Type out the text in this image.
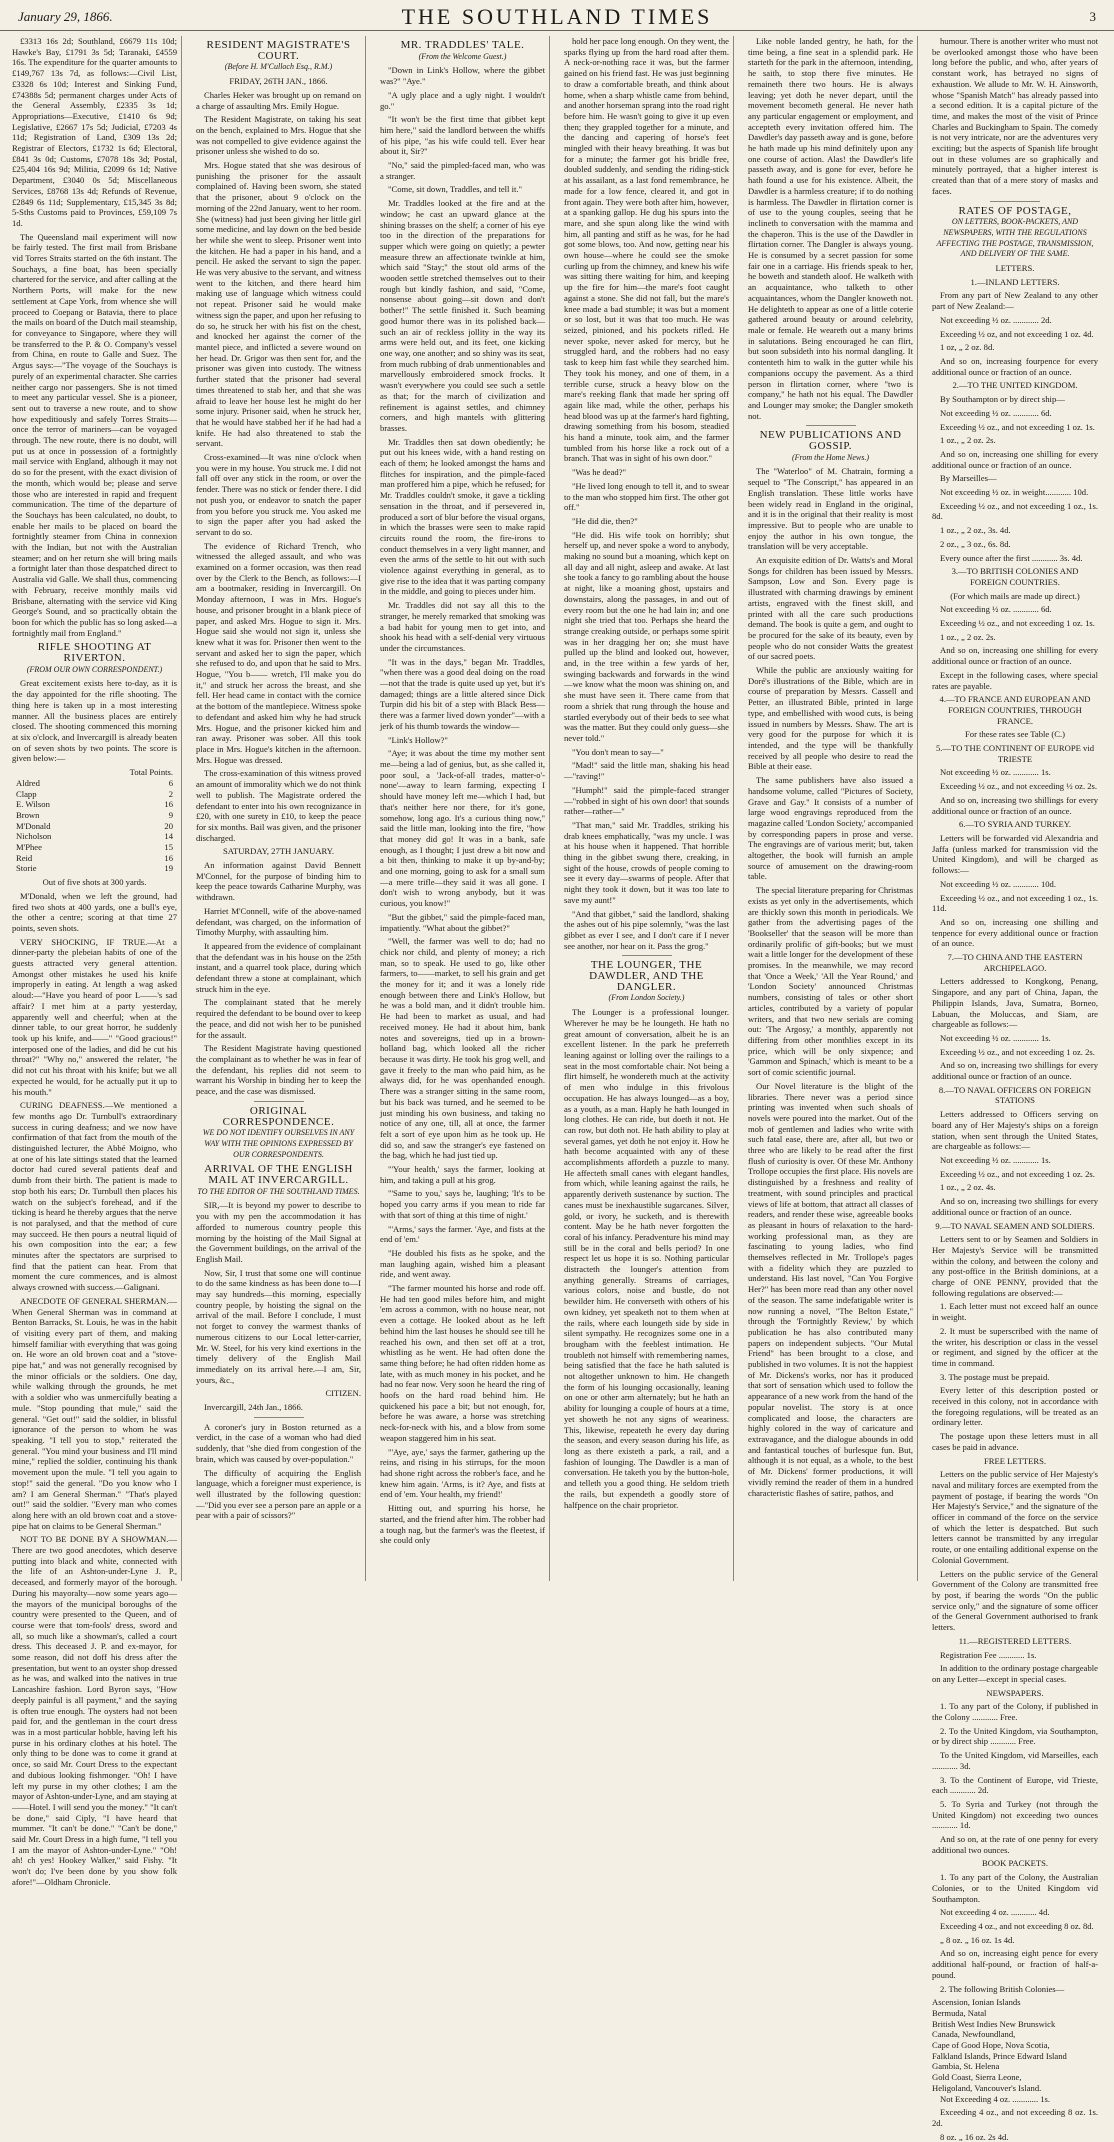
January 29, 1866.	THE SOUTHLAND TIMES	3

£3313 16s 2d; Southland, £6679 11s 10d; Hawke's Bay, £1791 3s 5d; Taranaki, £4559 16s. The expenditure for the quarter amounts to £149,767 13s 7d, as follows:—Civil List, £3328 6s 10d; Interest and Sinking Fund, £74388s 5d; permanent charges under Acts of the General Assembly, £2335 3s 1d; Appropriations—Executive, £1410 6s 9d; Legislative, £2667 17s 5d; Judicial, £7203 4s 11d; Registration of Land, £309 13s 2d; Registrar of Electors, £1732 1s 6d; Electoral, £841 3s 0d; Customs, £7078 18s 3d; Postal, £25,404 16s 9d; Militia, £2099 6s 1d; Native Department, £3040 0s 5d; Miscellaneous Services, £8768 13s 4d; Refunds of Revenue, £2849 6s 11d; Supplementary, £15,345 3s 8d; 5-Sths Customs paid to Provinces, £59,109 7s 1d.

The Queensland mail experiment will now be fairly tested. The first mail from Brisbane vid Torres Straits started on the 6th instant. The Souchays, a fine boat, has been specially chartered for the service, and after calling at the Northern Ports, will make for the new settlement at Cape York, from whence she will proceed to Coepang or Batavia, there to place the mails on board of the Dutch mail steamship, for conveyance to Singapore, where they will be transferred to the P. & O. Company's vessel from China, en route to Galle and Suez. The Argus says:—"The voyage of the Souchays is purely of an experimental character. She carries neither cargo nor passengers. She is not timed to meet any particular vessel. She is a pioneer, sent out to traverse a new route, and to show how expeditiously and safely Torres Straits—once the terror of mariners—can be voyaged through. The new route, there is no doubt, will put us at once in possession of a fortnightly mail service with England, although it may not do so for the present, with the exact division of the month, which would be; please and serve those who are interested in rapid and frequent communication. The time of the departure of the Souchays has been calculated, no doubt, to enable her mails to be placed on board the fortnightly steamer from China in connexion with the Indian, but not with the Australian steamer; and on her return she will bring mails a fortnight later than those despatched direct to Australia vid Galle. We shall thus, commencing with February, receive monthly mails vid Brisbane, alternating with the service vid King George's Sound, and so practically obtain the boon for which the public has so long asked—a fortnightly mail from England."

RIFLE SHOOTING AT RIVERTON.

(FROM OUR OWN CORRESPONDENT.)

Great excitement exists here to-day, as it is the day appointed for the rifle shooting. The thing here is taken up in a most interesting manner. All the business places are entirely closed. The shooting commenced this morning at six o'clock, and Invercargill is already beaten on of seven shots by two points. The score is given below:—

	Total Points.
Aldred	6
Clapp	2
E. Wilson	16
Brown	9
M'Donald	20
Nicholson	14
M'Phee	15
Reid	16
Storie	19

Out of five shots at 300 yards.

M'Donald, when we left the ground, had fired two shots at 400 yards, one a bull's eye, the other a centre; scoring at that time 27 points, seven shots.

VERY SHOCKING, IF TRUE.—At a dinner-party the plebeian habits of one of the guests attracted very general attention. Amongst other mistakes he used his knife improperly in eating. At length a wag asked aloud:—"Have you heard of poor L——'s sad affair? I met him at a party yesterday, apparently well and cheerful; when at the dinner table, to our great horror, he suddenly took up his knife, and——" "Good gracious!" interposed one of the ladies, and did he cut his throat?" "Why no," answered the relater, "he did not cut his throat with his knife; but we all expected he would, for he actually put it up to his mouth."

CURING DEAFNESS.—We mentioned a few months ago Dr. Turnbull's extraordinary success in curing deafness; and we now have confirmation of that fact from the mouth of the distinguished lecturer, the Abbé Moigno, who at one of his late sittings stated that the learned doctor had cured several patients deaf and dumb from their birth. The patient is made to stop both his ears; Dr. Turnbull then places his watch on the subject's forehead, and if the ticking is heard he thereby argues that the nerve is not paralysed, and that the method of cure may succeed. He then pours a neutral liquid of his own composition into the ear; a few minutes after the spectators are surprised to find that the patient can hear. From that moment the cure commences, and is almost always crowned with success.—Galignani.

ANECDOTE OF GENERAL SHERMAN.—When General Sherman was in command at Benton Barracks, St. Louis, he was in the habit of visiting every part of them, and making himself familiar with everything that was going on. He wore an old brown coat and a "stove-pipe hat," and was not generally recognised by the minor officials or the soldiers. One day, while walking through the grounds, he met with a soldier who was unmercifully beating a mule. "Stop pounding that mule," said the general. "Get out!" said the soldier, in blissful ignorance of the person to whom he was speaking. "I tell you to stop," reiterated the general. "You mind your business and I'll mind mine," replied the soldier, continuing his thank movement upon the mule. "I tell you again to stop!" said the general. "Do you know who I am? I am General Sherman." "That's played out!" said the soldier. "Every man who comes along here with an old brown coat and a stove-pipe hat on claims to be General Sherman."

NOT TO BE DONE BY A SHOWMAN.—There are two good anecdotes, which deserve putting into black and white, connected with the life of an Ashton-under-Lyne J. P., deceased, and formerly mayor of the borough. During his mayoralty—now some years ago—the mayors of the municipal boroughs of the country were presented to the Queen, and of course were that tom-fools' dress, sword and all, so much like a showman's, called a court dress. This deceased J. P. and ex-mayor, for some reason, did not doff his dress after the presentation, but went to an oyster shop dressed as he was, and walked into the natives in true Lancashire fashion. Lord Byron says, "How deeply painful is all payment," and the saying is often true enough. The oysters had not been paid for, and the gentleman in the court dress was in a most particular hobble, having left his purse in his ordinary clothes at his hotel. The only thing to be done was to come it grand at once, so said Mr. Court Dress to the expectant and dubious looking fishmonger. "Oh! I have left my purse in my other clothes; I am the mayor of Ashton-under-Lyne, and am staying at ——Hotel. I will send you the money." "It can't be done," said Ciply, "I have heard that mummer. "It can't be done." "Can't be done," said Mr. Court Dress in a high fume, "I tell you I am the mayor of Ashton-under-Lyne." "Oh! ah! ch yes! Hookey Walker," said Fishy. "It won't do; I've been done by you show folk afore!"—Oldham Chronicle.

RESIDENT MAGISTRATE'S COURT.

(Before H. M'Culloch Esq., R.M.)

FRIDAY, 26TH JAN., 1866.

Charles Heker was brought up on remand on a charge of assaulting Mrs. Emily Hogue.

The Resident Magistrate, on taking his seat on the bench, explained to Mrs. Hogue that she was not compelled to give evidence against the prisoner unless she wished to do so.

Mrs. Hogue stated that she was desirous of punishing the prisoner for the assault complained of. Having been sworn, she stated that the prisoner, about 9 o'clock on the morning of the 22nd January, went to her room. She (witness) had just been giving her little girl some medicine, and lay down on the bed beside her while she went to sleep. Prisoner went into the kitchen. He had a paper in his hand, and a pencil. He asked the servant to sign the paper. He was very abusive to the servant, and witness went to the kitchen, and there heard him making use of language which witness could not repeat. Prisoner said he would make witness sign the paper, and upon her refusing to do so, he struck her with his fist on the chest, and knocked her against the corner of the mantel piece, and inflicted a severe wound on her head. Dr. Grigor was then sent for, and the prisoner was given into custody. The witness further stated that the prisoner had several times threatened to stab her, and that she was afraid to leave her house lest he might do her some injury. Prisoner said, when he struck her, that he would have stabbed her if he had had a knife. He had also threatened to stab the servant.

Cross-examined—It was nine o'clock when you were in my house. You struck me. I did not fall off over any stick in the room, or over the fender. There was no stick or fender there. I did not push you, or endeavor to snatch the paper from you before you struck me. You asked me to sign the paper after you had asked the servant to do so.

The evidence of Richard Trench, who witnessed the alleged assault, and who was examined on a former occasion, was then read over by the Clerk to the Bench, as follows:—I am a bootmaker, residing in Invercargill. On Monday afternoon, I was in Mrs. Hogue's house, and prisoner brought in a blank piece of paper, and asked Mrs. Hogue to sign it. Mrs. Hogue said she would not sign it, unless she knew what it was for. Prisoner then went to the servant and asked her to sign the paper, which she refused to do, and upon that he said to Mrs. Hogue, "You b—— wretch, I'll make you do it," and struck her across the breast, and she fell. Her head came in contact with the cornice at the bottom of the mantlepiece. Witness spoke to defendant and asked him why he had struck Mrs. Hogue, and the prisoner kicked him and ran away. Prisoner was sober. All this took place in Mrs. Hogue's kitchen in the afternoon. Mrs. Hogue was dressed.

The cross-examination of this witness proved an amount of immorality which we do not think well to publish. The Magistrate ordered the defendant to enter into his own recognizance in £20, with one surety in £10, to keep the peace for six months. Bail was given, and the prisoner discharged.

SATURDAY, 27TH JANUARY.

An information against David Bennett M'Connel, for the purpose of binding him to keep the peace towards Catharine Murphy, was withdrawn.

Harriet M'Connell, wife of the above-named defendant, was charged, on the information of Timothy Murphy, with assaulting him.

It appeared from the evidence of complainant that the defendant was in his house on the 25th instant, and a quarrel took place, during which defendant threw a stone at complainant, which struck him in the eye.

The complainant stated that he merely required the defendant to be bound over to keep the peace, and did not wish her to be punished for the assault.

The Resident Magistrate having questioned the complainant as to whether he was in fear of the defendant, his replies did not seem to warrant his Worship in binding her to keep the peace, and the case was dismissed.

ORIGINAL CORRESPONDENCE.

WE DO NOT IDENTIFY OURSELVES IN ANY WAY WITH THE OPINIONS EXPRESSED BY OUR CORRESPONDENTS.

ARRIVAL OF THE ENGLISH MAIL AT INVERCARGILL.

TO THE EDITOR OF THE SOUTHLAND TIMES.

SIR,—It is beyond my power to describe to you with my pen the accommodation it has afforded to numerous country people this morning by the hoisting of the Mail Signal at the Government buildings, on the arrival of the English Mail.

Now, Sir, I trust that some one will continue to do the same kindness as has been done to—I may say hundreds—this morning, especially country people, by hoisting the signal on the arrival of the mail. Before I conclude, I must not forget to convey the warmest thanks of numerous citizens to our Local letter-carrier, Mr. W. Steel, for his very kind exertions in the timely delivery of the English Mail immediately on its arrival here.—I am, Sir, yours, &c.,

CITIZEN.

Invercargill, 24th Jan., 1866.

A coroner's jury in Boston returned as a verdict, in the case of a woman who had died suddenly, that "she died from congestion of the brain, which was caused by over-population."

The difficulty of acquiring the English language, which a foreigner must experience, is well illustrated by the following question:—"Did you ever see a person pare an apple or a pear with a pair of scissors?"

MR. TRADDLES' TALE.

(From the Welcome Guest.)

"Down in Link's Hollow, where the gibbet was?" "Aye."

"A ugly place and a ugly night. I wouldn't go."

"It won't be the first time that gibbet kept him here," said the landlord between the whiffs of his pipe, "as his wife could tell. Ever hear about it, Sir?"

"No," said the pimpled-faced man, who was a stranger.

"Come, sit down, Traddles, and tell it."

Mr. Traddles looked at the fire and at the window; he cast an upward glance at the shining brasses on the shelf; a corner of his eye too in the direction of the preparations for supper which were going on quietly; a pewter measure threw an affectionate twinkle at him, which said "Stay;" the stout old arms of the wooden settle stretched themselves out to their rough but kindly fashion, and said, "Come, nonsense about going—sit down and don't bother!" The settle finished it. Such beaming good humor there was in its polished back—such an air of reckless jollity in the way its arms were held out, and its feet, one kicking one way, one another; and so shiny was its seat, from much rubbing of drab unmentionables and marvellously embroidered smock frocks. It wasn't everywhere you could see such a settle as that; for the march of civilization and refinement is against settles, and chimney corners, and high mantels with glittering brasses.

Mr. Traddles then sat down obediently; he put out his knees wide, with a hand resting on each of them; he looked amongst the hams and flitches for inspiration, and the pimple-faced man proffered him a pipe, which he refused; for Mr. Traddles couldn't smoke, it gave a tickling sensation in the throat, and if persevered in, produced a sort of blur before the visual organs, in which the brasses were seen to make rapid circuits round the room, the fire-irons to conduct themselves in a very light manner, and even the arms of the settle to hit out with such violence against everything in general, as to give rise to the idea that it was parting company in the middle, and going to pieces under him.

Mr. Traddles did not say all this to the stranger, he merely remarked that smoking was a bad habit for young men to get into, and shook his head with a self-denial very virtuous under the circumstances.

"It was in the days," began Mr. Traddles, "when there was a good deal doing on the road—not that the trade is quite used up yet, but it's damaged; things are a little altered since Dick Turpin did his bit of a step with Black Bess—there was a farmer lived down yonder"—with a jerk of his thumb towards the window—

"Link's Hollow?"

"Aye; it was about the time my mother sent me—being a lad of genius, but, as she called it, poor soul, a 'Jack-of-all trades, matter-o'-none'—away to learn farming, expecting I should have money left me—which I had, but that's neither here nor there, for it's gone, somehow, long ago. It's a curious thing now," said the little man, looking into the fire, "how that money did go! It was in a bank, safe enough, as I thought; I just drew a bit now and a bit then, thinking to make it up by-and-by; and one morning, going to ask for a small sum—a mere trifle—they said it was all gone. I don't wish to wrong anybody, but it was curious, you know!"

"But the gibbet," said the pimple-faced man, impatiently. "What about the gibbet?"

"Well, the farmer was well to do; had no chick nor child, and plenty of money; a rich man, so to speak. He used to go, like other farmers, to——market, to sell his grain and get the money for it; and it was a lonely ride enough between there and Link's Hollow, but he was a bold man, and it didn't trouble him. He had been to market as usual, and had received money. He had it about him, bank notes and sovereigns, tied up in a brown-holland bag, which looked all the richer because it was dirty. He took his grog well, and gave it freely to the man who paid him, as he always did, for he was openhanded enough. There was a stranger sitting in the same room, but his back was turned, and he seemed to be just minding his own business, and taking no notice of any one, till, all at once, the farmer felt a sort of eye upon him as he took up. He did so, and saw the stranger's eye fastened on the bag, which he had just tied up.

"'Your health,' says the farmer, looking at him, and taking a pull at his grog.

"'Same to you,' says he, laughing; 'It's to be hoped you carry arms if you mean to ride far with that sort of thing at this time of night.'

"'Arms,' says the farmer. 'Aye, and fists at the end of 'em.'

"He doubled his fists as he spoke, and the man laughing again, wished him a pleasant ride, and went away.

"The farmer mounted his horse and rode off. He had ten good miles before him, and might 'em across a common, with no house near, not even a cottage. He looked about as he left behind him the last houses he should see till he reached his own, and then set off at a trot, whistling as he went. He had often done the same thing before; he had often ridden home as late, with as much money in his pocket, and he had no fear now. Very soon he heard the ring of hoofs on the hard road behind him. He quickened his pace a bit; but not enough, for, before he was aware, a horse was stretching neck-for-neck with his, and a blow from some weapon staggered him in his seat.

"'Aye, aye,' says the farmer, gathering up the reins, and rising in his stirrups, for the moon had shone right across the robber's face, and he knew him again. 'Arms, is it? Aye, and fists at end of 'em. Your health, my friend!'

Hitting out, and spurring his horse, he started, and the friend after him. The robber had a tough nag, but the farmer's was the fleetest, if she could only

hold her pace long enough. On they went, the sparks flying up from the hard road after them. A neck-or-nothing race it was, but the farmer gained on his friend fast. He was just beginning to draw a comfortable breath, and think about home, when a sharp whistle came from behind, and another horseman sprang into the road right before him. He wasn't going to give it up even then; they grappled together for a minute, and the dancing and capering of horse's feet mingled with their heavy breathing. It was but for a minute; the farmer got his bridle free, doubled suddenly, and sending the riding-stick at his assailant, as a last fond remembrance, he made for a low fence, cleared it, and got in front again. They were both after him, however, at a spanking gallop. He dug his spurs into the mare, and she spun along like the wind with him, all panting and stiff as he was, for he had got some blows, too. And now, getting near his own house—where he could see the smoke curling up from the chimney, and knew his wife was sitting there waiting for him, and keeping up the fire for him—the mare's foot caught against a stone. She did not fall, but the mare's knee made a bad stumble; it was but a moment or so lost, but it was that too much. He was seized, pinioned, and his pockets rifled. He never spoke, never asked for mercy, but he struggled hard, and the robbers had no easy task to keep him fast while they searched him. They took his money, and one of them, in a terrible curse, struck a heavy blow on the mare's reeking flank that made her spring off again like mad, while the other, perhaps his head blood was up at the farmer's hard fighting, drawing something from his bosom, steadied his hand a minute, took aim, and the farmer tumbled from his horse like a rock out of a branch. That was in sight of his own door."

"Was he dead?"

"He lived long enough to tell it, and to swear to the man who stopped him first. The other got off."

"He did die, then?"

"He did. His wife took on horribly; shut herself up, and never spoke a word to anybody, making no sound but a moaning, which kept on all day and all night, asleep and awake. At last she took a fancy to go rambling about the house at night, like a moaning ghost, upstairs and downstairs, along the passages, in and out of every room but the one he had lain in; and one night she tried that too. Perhaps she heard the strange creaking outside, or perhaps some spirit was in her dragging her on; she must have pulled up the blind and looked out, however, and, in the tree within a few yards of her, swinging backwards and forwards in the wind—we know what the moon was shining on, and she must have seen it. There came from that room a shriek that rung through the house and startled everybody out of their beds to see what was the matter. But they could only guess—she never told."

"You don't mean to say—"

"Mad!" said the little man, shaking his head—"raving!"

"Humph!" said the pimple-faced stranger—"robbed in sight of his own door! that sounds rather—rather—"

"That man," said Mr. Traddles, striking his drab knees emphatically, "was my uncle. I was at his house when it happened. That horrible thing in the gibbet swung there, creaking, in sight of the house, crowds of people coming to see it every day—swarms of people. After that night they took it down, but it was too late to save my aunt!"

"And that gibbet," said the landlord, shaking the ashes out of his pipe solemnly, "was the last gibbet as ever I see, and I don't care if I never see another, nor hear on it. Pass the grog."

THE LOUNGER, THE DAWDLER, AND THE DANGLER.

(From London Society.)

The Lounger is a professional lounger. Wherever he may be he loungeth. He hath no great amount of conversation, albeit he is an excellent listener. In the park he preferreth leaning against or lolling over the railings to a seat in the most comfortable chair. Not being a flirt himself, he wondereth much at the activity of men who indulge in this frivolous occupation. He has always lounged—as a boy, as a youth, as a man. Haply he hath lounged in long clothes. He can ride, but doeth it not. He can row, but doth not. He hath ability to play at several games, yet doth he not enjoy it. How he hath become acquainted with any of these accomplishments affordeth a puzzle to many. He affecteth small canes with elegant handles, from which, while leaning against the rails, he apparently deriveth sustenance by suction. The canes must be inexhaustible sugarcanes. Silver, gold, or ivory, he sucketh, and is therewith content. May be he hath never forgotten the coral of his infancy. Peradventure his mind may still be in the coral and bells period? In one respect let us hope it is so. Nothing particular distracteth the lounger's attention from anything generally. Streams of carriages, various colors, noise and bustle, do not bewilder him. He converseth with others of his own kidney, yet speaketh not to them when at the rails, where each loungeth side by side in silent sympathy. He recognizes some one in a brougham with the feeblest intimation. He troubleth not himself with remembering names, being satisfied that the face he hath saluted is not altogether unknown to him. He changeth the form of his lounging occasionally, leaning on one or other arm alternately; but he hath an ability for lounging a couple of hours at a time, yet showeth he not any signs of weariness. This, likewise, repeateth he every day during the season, and every season during his life, as long as there existeth a park, a rail, and a fashion of lounging. The Dawdler is a man of conversation. He taketh you by the button-hole, and telleth you a good thing. He seldom trieth the rails, but expendeth a goodly store of halfpence on the chair proprietor.

Like noble landed gentry, he hath, for the time being, a fine seat in a splendid park. He starteth for the park in the afternoon, intending, he saith, to stop there five minutes. He remaineth there two hours. He is always leaving; yet doth he never depart, until the movement becometh general. He never hath any particular engagement or employment, and accepteth every invitation offered him. The Dawdler's day passeth away and is gone, before he hath made up his mind definitely upon any one course of action. Alas! the Dawdler's life passeth away, and is gone for ever, before he hath found a use for his existence. Albeit, the Dawdler is a harmless creature; if to do nothing is harmless. The Dawdler in flirtation corner is of use to the young couples, seeing that he inclineth to conversation with the mamma and the chaperon. This is the use of the Dawdler in flirtation corner. The Dangler is always young. He is consumed by a secret passion for some fair one in a carriage. His friends speak to her, he boweth and standeth aloof. He walketh with an acquaintance, who talketh to other acquaintances, whom the Dangler knoweth not. He delighteth to appear as one of a little coterie gathered around beauty or around celebrity, male or female. He weareth out a many brims in salutations. Being encouraged he can flirt, but soon subsideth into his normal dangling. It contenteth him to walk in the gutter while his companions occupy the pavement. As a third person in flirtation corner, where "two is company," he hath not his equal. The Dawdler and Lounger may smoke; the Dangler smoketh not.

NEW PUBLICATIONS AND GOSSIP.

(From the Home News.)

The "Waterloo" of M. Chatrain, forming a sequel to "The Conscript," has appeared in an English translation. These little works have been widely read in England in the original, and it is in the original that their reality is most impressive. But to people who are unable to enjoy the author in his own tongue, the translation will be very acceptable.

An exquisite edition of Dr. Watts's and Moral Songs for children has been issued by Messrs. Sampson, Low and Son. Every page is illustrated with charming drawings by eminent artists, engraved with the finest skill, and printed with all the care such productions demand. The book is quite a gem, and ought to be procured for the sake of its beauty, even by people who do not consider Watts the greatest of our sacred poets.

While the public are anxiously waiting for Doré's illustrations of the Bible, which are in course of preparation by Messrs. Cassell and Petter, an illustrated Bible, printed in large type, and embellished with wood cuts, is being issued in numbers by Messrs. Shaw. The art is very good for the purpose for which it is intended, and the type will be thankfully received by all people who desire to read the Bible at their ease.

The same publishers have also issued a handsome volume, called "Pictures of Society, Grave and Gay." It consists of a number of large wood engravings reproduced from the magazine called 'London Society,' accompanied by corresponding papers in prose and verse. The engravings are of various merit; but, taken altogether, the book will furnish an ample source of amusement on the drawing-room table.

The special literature preparing for Christmas exists as yet only in the advertisements, which are thickly sown this month in periodicals. We gather from the advertising pages of the 'Bookseller' that the season will be more than ordinarily prolific of gift-books; but we must wait a little longer for the development of these promises. In the meanwhile, we may record that 'Once a Week,' 'All the Year Round,' and 'London Society' announced Christmas numbers, consisting of tales or other short articles, contributed by a variety of popular writers, and that two new serials are coming out: 'The Argosy,' a monthly, apparently not differing from other monthlies except in its price, which will be only sixpence; and 'Gammon and Spinach,' which is meant to be a sort of comic scientific journal.

Our Novel literature is the blight of the libraries. There never was a period since printing was invented when such shoals of novels were poured into the market. Out of the mob of gentlemen and ladies who write with such fatal ease, there are, after all, but two or three who are likely to be read after the first flush of curiosity is over. Of these Mr. Anthony Trollope occupies the first place. His novels are distinguished by a freshness and reality of treatment, with sound principles and practical views of life at bottom, that attract all classes of readers, and render these wise, agreeable books as pleasant in hours of relaxation to the hard-working professional man, as they are fascinating to young ladies, who find themselves reflected in Mr. Trollope's pages with a fidelity which they are puzzled to understand. His last novel, "Can You Forgive Her?" has been more read than any other novel of the season. The same indefatigable writer is now running a novel, "The Belton Estate," through the 'Fortnightly Review,' by which publication he has also contributed many papers on independent subjects. "Our Mutal Friend" has been brought to a close, and published in two volumes. It is not the happiest of Mr. Dickens's works, nor has it produced that sort of sensation which used to follow the appearance of a new work from the hand of the popular novelist. The story is at once complicated and loose, the characters are highly colored in the way of caricature and extravagance, and the dialogue abounds in odd and fantastical touches of burlesque fun. But, although it is not equal, as a whole, to the best of Mr. Dickens' former productions, it will vividly remind the reader of them in a hundred characteristic flashes of satire, pathos, and

humour. There is another writer who must not be overlooked amongst those who have been long before the public, and who, after years of constant work, has betrayed no signs of exhaustion. We allude to Mr. W. H. Ainsworth, whose "Spanish Match" has already passed into a second edition. It is a capital picture of the time, and makes the most of the visit of Prince Charles and Buckingham to Spain. The comedy is not very intricate, nor are the adventures very exciting; but the aspects of Spanish life brought out in these volumes are so graphically and minutely portrayed, that a higher interest is created than that of a mere story of masks and faces.

RATES OF POSTAGE,

ON LETTERS, BOOK-PACKETS, AND NEWSPAPERS, WITH THE REGULATIONS AFFECTING THE POSTAGE, TRANSMISSION, AND DELIVERY OF THE SAME.

LETTERS.

1.—INLAND LETTERS.

From any part of New Zealand to any other part of New Zealand:—

Not exceeding ½ oz. ............ 2d.

Exceeding ½ oz, and not exceeding 1 oz. 4d.

1 oz, „ 2 oz. 8d.

And so on, increasing fourpence for every additional ounce or fraction of an ounce.

2.—TO THE UNITED KINGDOM.

By Southampton or by direct ship—

Not exceeding ½ oz. ............ 6d.

Exceeding ½ oz., and not exceeding 1 oz. 1s.

1 oz., „ 2 oz. 2s.

And so on, increasing one shilling for every additional ounce or fraction of an ounce.

By Marseilles—

Not exceeding ½ oz. in weight............ 10d.

Exceeding ½ oz., and not exceeding 1 oz., 1s. 8d.

1 oz., „ 2 oz., 3s. 4d.

2 oz., „ 3 oz., 6s. 8d.

Every ounce after the first ............ 3s. 4d.

3.—TO BRITISH COLONIES AND FOREIGN COUNTRIES.

(For which mails are made up direct.)

Not exceeding ½ oz. ............ 6d.

Exceeding ½ oz., and not exceeding 1 oz. 1s.

1 oz., „ 2 oz. 2s.

And so on, increasing one shilling for every additional ounce or fraction of an ounce.

Except in the following cases, where special rates are payable.

4.—TO FRANCE AND EUROPEAN AND FOREIGN COUNTRIES, THROUGH FRANCE.

For these rates see Table (C.)

5.—TO THE CONTINENT OF EUROPE vid TRIESTE

Not exceeding ½ oz. ............ 1s.

Exceeding ½ oz., and not exceeding ½ oz. 2s.

And so on, increasing two shillings for every additional ounce or fraction of an ounce.

6.—TO SYRIA AND TURKEY.

Letters will be forwarded vid Alexandria and Jaffa (unless marked for transmission vid the United Kingdom), and will be charged as follows:—

Not exceeding ½ oz. ............ 10d.

Exceeding ½ oz., and not exceeding 1 oz., 1s. 11d.

And so on, increasing one shilling and tenpence for every additional ounce or fraction of an ounce.

7.—TO CHINA AND THE EASTERN ARCHIPELAGO.

Letters addressed to Kongkong, Penang, Singapore, and any part of China, Japan, the Philippin Islands, Java, Sumatra, Borneo, Labuan, the Moluccas, and Siam, are chargeable as follows:—

Not exceeding ½ oz. ............ 1s.

Exceeding ½ oz., and not exceeding 1 oz. 2s.

And so on, increasing two shillings for every additional ounce or fraction of an ounce.

8.—TO NAVAL OFFICERS ON FOREIGN STATIONS

Letters addressed to Officers serving on board any of Her Majesty's ships on a foreign station, when sent through the United States, are chargeable as follows:—

Not exceeding ½ oz. ............ 1s.

Exceeding ½ oz., and not exceeding 1 oz. 2s.

1 oz., „ 2 oz. 4s.

And so on, increasing two shillings for every additional ounce or fraction of an ounce.

9.—TO NAVAL SEAMEN AND SOLDIERS.

Letters sent to or by Seamen and Soldiers in Her Majesty's Service will be transmitted within the colony, and between the colony and any post-office in the British dominions, at a charge of ONE PENNY, provided that the following regulations are observed:—

1. Each letter must not exceed half an ounce in weight.

2. It must be superscribed with the name of the writer, his description or class in the vessel or regiment, and signed by the officer at the time in command.

3. The postage must be prepaid.

Every letter of this description posted or received in this colony, not in accordance with the foregoing regulations, will be treated as an ordinary letter.

The postage upon these letters must in all cases be paid in advance.

FREE LETTERS.

Letters on the public service of Her Majesty's naval and military forces are exempted from the payment of postage, if bearing the words "On Her Majesty's Service," and the signature of the officer in command of the force on the service of which the letter is despatched. But such letters cannot be transmitted by any irregular route, or one entailing additional expense on the Colonial Government.

Letters on the public service of the General Government of the Colony are transmitted free by post, if bearing the words "On the public service only," and the signature of some officer of the General Government authorised to frank letters.

11.—REGISTERED LETTERS.

Registration Fee ............ 1s.

In addition to the ordinary postage chargeable on any Letter—except in special cases.

NEWSPAPERS.

1. To any part of the Colony, if published in the Colony ............ Free.

2. To the United Kingdom, via Southampton, or by direct ship ............ Free.

To the United Kingdom, vid Marseilles, each ............ 3d.

3. To the Continent of Europe, vid Trieste, each ............ 2d.

5. To Syria and Turkey (not through the United Kingdom) not exceeding two ounces ............ 1d.

And so on, at the rate of one penny for every additional two ounces.

BOOK PACKETS.

1. To any part of the Colony, the Australian Colonies, or to the United Kingdom vid Southampton.

Not exceeding 4 oz. ............ 4d.

Exceeding 4 oz., and not exceeding 8 oz. 8d.

„ 8 oz. „ 16 oz. 1s 4d.

And so on, increasing eight pence for every additional half-pound, or fraction of half-a-pound.

2. The following British Colonies—

Ascension, Ionian Islands
Bermuda, Natal
British West Indies New Brunswick
Canada, Newfoundland,
Cape of Good Hope, Nova Scotia,
Falkland Islands, Prince Edward Island
Gambia, St. Helena
Gold Coast, Sierra Leone,
Heligoland, Vancouver's Island.

Not Exceeding 4 oz. ............ 1s.

Exceeding 4 oz., and not exceeding 8 oz. 1s. 2d.

8 oz. „ 16 oz. 2s 4d.
